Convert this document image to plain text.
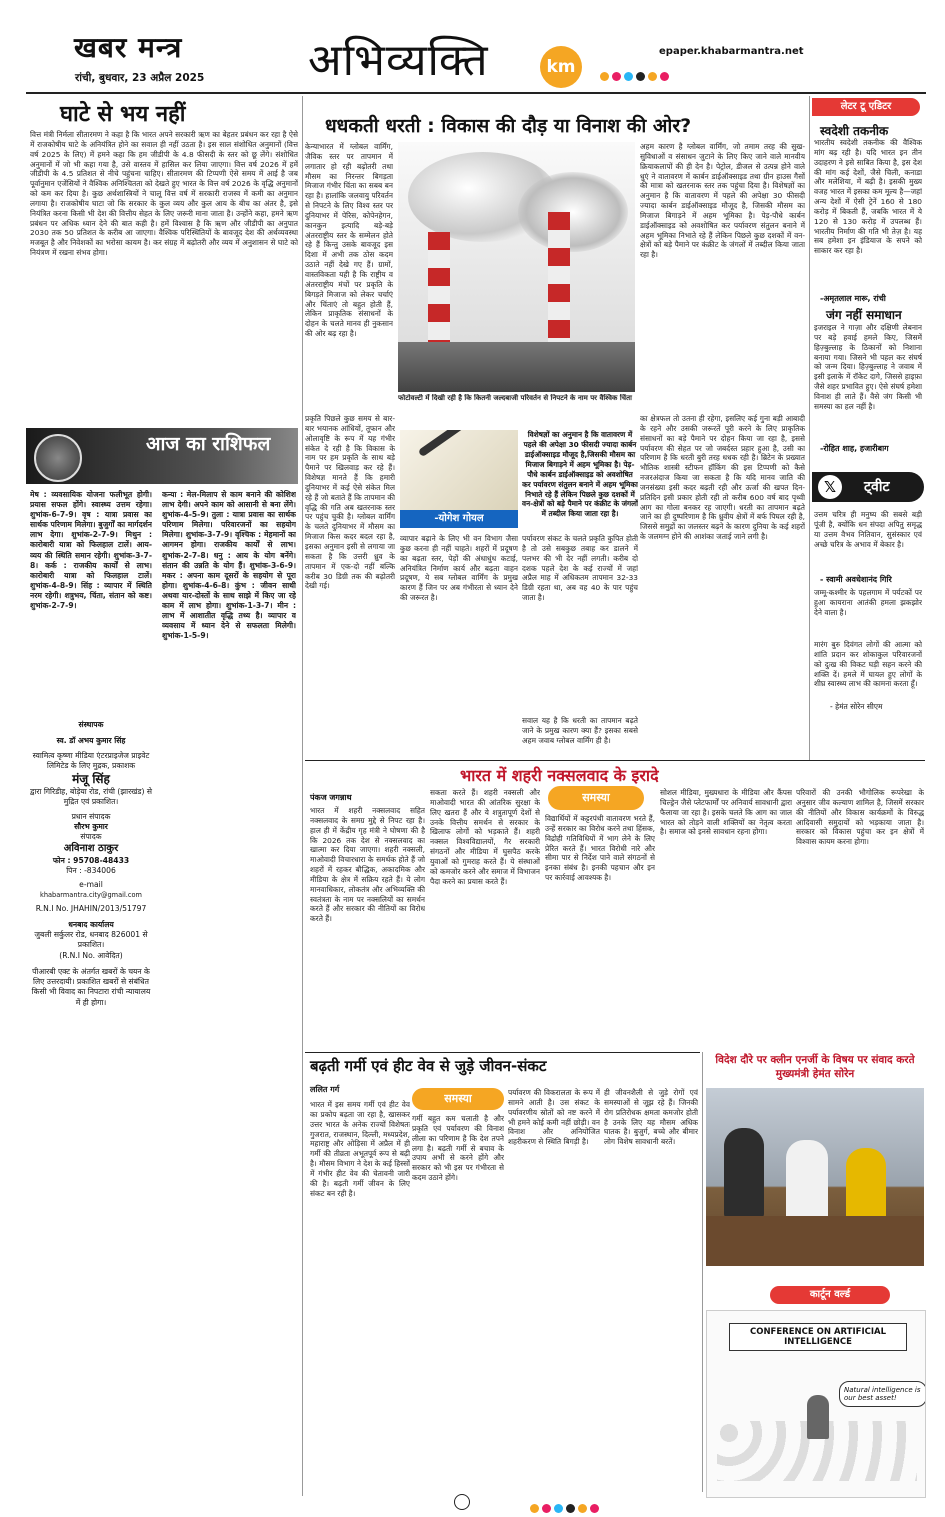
खबर मन्त्र
रांची, बुधवार, 23 अप्रैल 2025 अभिव्यक्ति	km
epaper.khabarmantra.net
घाटे से भय नहीं
वित्त मंत्री निर्मला सीतारमण ने कहा है कि भारत अपने सरकारी ऋण का बेहतर प्रबंधन कर रहा है ऐसे में राजकोषीय घाटे के अनियंत्रित होने का सवाल ही नहीं उठता है। इस साल संशोधित अनुमानों (वित्त वर्ष 2025 के लिए) में हमने कहा कि हम जीडीपी के 4.8 फीसदी के स्तर को छू लेंगे। संशोधित अनुमानों में जो भी कहा गया है, उसे वास्तव में हासिल कर लिया जाएगा। वित्त वर्ष 2026 में हमें जीडीपी के 4.5 प्रतिशत से नीचे पहुंचना चाहिए। सीतारमण की टिप्पणी ऐसे समय में आई है जब पूर्वानुमान एजेंसियों ने वैश्विक अनिश्चितता को देखते हुए भारत के वित्त वर्ष 2026 के वृद्धि अनुमानों को कम कर दिया है। कुछ अर्थशास्त्रियों ने चालू वित्त वर्ष में सरकारी राजस्व में कमी का अनुमान लगाया है। राजकोषीय घाटा जो कि सरकार के कुल व्यय और कुल आय के बीच का अंतर है, इसे नियंत्रित करना किसी भी देश की वित्तीय सेहत के लिए जरूरी माना जाता है। उन्होंने कहा, हमने ऋण प्रबंधन पर अधिक ध्यान देने की बात कही है। हमें विश्वास है कि ऋण और जीडीपी का अनुपात 2030 तक 50 प्रतिशत के करीब आ जाएगा। वैश्विक परिस्थितियों के बावजूद देश की अर्थव्यवस्था मजबूत है और निवेशकों का भरोसा कायम है। कर संग्रह में बढ़ोतरी और व्यय में अनुशासन से घाटे को नियंत्रण में रखना संभव होगा।
आज का राशिफल
मेष : व्यवसायिक योजना फलीभूत होगी। प्रयास सफल होंगे। स्वास्थ्य उत्तम रहेगा। शुभांक-6-7-9। वृष : यात्रा प्रवास का सार्थक परिणाम मिलेगा। बुजुर्गों का मार्गदर्शन लाभ देगा। शुभांक-2-7-9। मिथुन : कारोबारी यात्रा को फिलहाल टालें। आय-व्यय की स्थिति समान रहेगी। शुभांक-3-7-8। कर्क : राजकीय कार्यों से लाभ। कारोबारी यात्रा को फिलहाल टालें। शुभांक-4-8-9। सिंह : व्यापार में स्थिति नरम रहेगी। शत्रुभय, चिंता, संतान को कष्ट। शुभांक-2-7-9।
कन्या : मेल-मिलाप से काम बनाने की कोशिश लाभ देगी। अपने काम को आसानी से बना लेंगे। शुभांक-4-5-9। तुला : यात्रा प्रवास का सार्थक परिणाम मिलेगा। परिवारजनों का सहयोग मिलेगा। शुभांक-3-7-9। वृश्चिक : मेहमानों का आगमन होगा। राजकीय कार्यों से लाभ। शुभांक-2-7-8। धनु : आय के योग बनेंगे। संतान की उन्नति के योग हैं। शुभांक-3-6-9। मकर : अपना काम दूसरों के सहयोग से पूरा होगा। शुभांक-4-6-8। कुंभ : जीवन साथी अथवा यार-दोस्तों के साथ साझे में किए जा रहे काम में लाभ होगा। शुभांक-1-3-7। मीन : लाभ में आशातीत वृद्धि तथ्य है। व्यापार व व्यवसाय में ध्यान देने से सफलता मिलेगी। शुभांक-1-5-9।
संस्थापक
स्व. डॉ अभय कुमार सिंह
स्वामित्व कृष्णा मीडिया एंटरप्राइजेज प्राइवेट लिमिटेड के लिए मुद्रक, प्रकाशक
मंजू सिंह
द्वारा गिरिडीह, बोड़ेया रोड, रांची (झारखंड) से मुद्रित एवं प्रकाशित।
प्रधान संपादक
सौरभ कुमार
संपादक
अविनाश ठाकुर
फोन : 95708-48433
पिन : -834006
e-mail
khabarmantra.city@gmail.com
R.N.I No. JHAHIN/2013/51797
धनबाद कार्यालय
जुबली सर्कुलर रोड, धनबाद 826001 से प्रकाशित।
(R.N.I No. आवेदित)
पीआरबी एक्ट के अंतर्गत खबरों के चयन के लिए उत्तरदायी। प्रकाशित खबरों से संबंधित किसी भी विवाद का निपटारा रांची न्यायालय में ही होगा।
धधकती धरती : विकास की दौड़ या विनाश की ओर?
केन्याभारत में ग्लोबल वार्मिंग, जैविक स्तर पर तापमान में लगातार हो रही बढ़ोतरी तथा मौसम का निरन्तर बिगड़ता मिजाज गंभीर चिंता का सबब बन रहा है। हालांकि जलवायु परिवर्तन से निपटने के लिए विश्व स्तर पर दुनियाभर में पेरिस, कोपेनहेगन, कानकुन इत्यादि बड़े-बड़े अंतरराष्ट्रीय स्तर के सम्मेलन होते रहे हैं किन्तु उसके बावजूद इस दिशा में अभी तक ठोस कदम उठाते नहीं देखे गए हैं। ग्रामों, वास्तविकता यही है कि राष्ट्रीय व अंतरराष्ट्रीय मंचों पर प्रकृति के बिगड़ते मिजाज को लेकर चर्चाएं और चिंताएं तो बहुत होती हैं, लेकिन प्राकृतिक संसाधनों के दोहन के चलते मानव ही नुकसान की ओर बढ़ रहा है।
फोटोवल्टी में दिखी रही है कि कितनी जल्दबाजी परिवर्तन से निपटने के नाम पर वैश्विक चिंता
अहम कारण है ग्लोबल वार्मिंग, जो तमाम तरह की सुख-सुविधाओं व संसाधन जुटाने के लिए किए जाने वाले मानवीय क्रियाकलापों की ही देन है। पेट्रोल, डीजल से उत्पन्न होने वाले धुएं ने वातावरण में कार्बन डाईऑक्साइड तथा ग्रीन हाउस गैसों की मात्रा को खतरनाक स्तर तक पहुंचा दिया है। विशेषज्ञों का अनुमान है कि वातावरण में पहले की अपेक्षा 30 फीसदी ज्यादा कार्बन डाईऑक्साइड मौजूद है, जिसकी मौसम का मिजाज बिगाड़ने में अहम भूमिका है। पेड़-पौधे कार्बन डाईऑक्साइड को अवशोषित कर पर्यावरण संतुलन बनाने में अहम भूमिका निभाते रहे हैं लेकिन पिछले कुछ दशकों में वन-क्षेत्रों को बड़े पैमाने पर कंक्रीट के जंगलों में तब्दील किया जाता रहा है।
-योगेश गोयल
विशेषज्ञों का अनुमान है कि वातावरण में पहले की अपेक्षा 30 फीसदी ज्यादा कार्बन डाईऑक्साइड मौजूद है,जिसकी मौसम का मिजाज बिगाड़ने में अहम भूमिका है। पेड़-पौधे कार्बन डाईऑक्साइड को अवशोषित कर पर्यावरण संतुलन बनाने में अहम भूमिका निभाते रहे हैं लेकिन पिछले कुछ दशकों में वन-क्षेत्रों को बड़े पैमाने पर कंक्रीट के जंगलों में तब्दील किया जाता रहा है।
का क्षेत्रफल तो उतना ही रहेगा, इसलिए कई गुना बड़ी आबादी के रहने और उसकी जरूरतें पूरी करने के लिए प्राकृतिक संसाधनों का बड़े पैमाने पर दोहन किया जा रहा है, इससे पर्यावरण की सेहत पर जो जबर्दस्त प्रहार हुआ है, उसी का परिणाम है कि धरती बुरी तरह धधक रही है। ब्रिटेन के प्रख्यात भौतिक शास्त्री स्टीफन हॉकिंग की इस टिप्पणी को कैसे नजरअंदाज किया जा सकता है कि यदि मानव जाति की जनसंख्या इसी कदर बढ़ती रही और ऊर्जा की खपत दिन-प्रतिदिन इसी प्रकार होती रही तो करीब 600 वर्ष बाद पृथ्वी आग का गोला बनकर रह जाएगी। धरती का तापमान बढ़ते जाने का ही दुष्परिणाम है कि ध्रुवीय क्षेत्रों में बर्फ पिघल रही है, जिससे समुद्रों का जलस्तर बढ़ने के कारण दुनिया के कई शहरों के जलमग्न होने की आशंका जताई जाने लगी है।
प्रकृति पिछले कुछ समय से बार-बार भयानक आंधियों, तूफान और ओलावृष्टि के रूप में यह गंभीर संकेत दे रही है कि विकास के नाम पर हम प्रकृति के साथ बड़े पैमाने पर खिलवाड़ कर रहे हैं। विशेषज्ञ मानते हैं कि हमारी दुनियाभर में कई ऐसे संकेत मिल रहे हैं जो बताते हैं कि तापमान की वृद्धि की गति अब खतरनाक स्तर पर पहुंच चुकी है। ग्लोबल वार्मिंग के चलते दुनियाभर में मौसम का मिजाज किस कदर बदल रहा है, इसका अनुमान इसी से लगाया जा सकता है कि उत्तरी ध्रुव के तापमान में एक-दो नहीं बल्कि करीब 30 डिग्री तक की बढ़ोतरी देखी गई।
व्यापार बढ़ाने के लिए भी वन विभाग जैसा कुछ करना ही नहीं चाहते। शहरों में प्रदूषण का बढ़ता स्तर, पेड़ों की अंधाधुंध कटाई, अनियंत्रित निर्माण कार्य और बढ़ता वाहन प्रदूषण, ये सब ग्लोबल वार्मिंग के प्रमुख कारण हैं जिन पर अब गंभीरता से ध्यान देने की जरूरत है।
पर्यावरण संकट के चलते प्रकृति कुपित होती है तो उसे सबकुछ तबाह कर डालने में पलभर की भी देर नहीं लगती। करीब दो दशक पहले देश के कई राज्यों में जहां अप्रैल माह में अधिकतम तापमान 32-33 डिग्री रहता था, अब वह 40 के पार पहुंच जाता है।
सवाल यह है कि धरती का तापमान बढ़ते जाने के प्रमुख कारण क्या हैं? इसका सबसे अहम जवाब ग्लोबल वार्मिंग ही है।
लेटर टू एडिटर
स्वदेशी तकनीक
भारतीय स्वदेशी तकनीक की वैश्विक मांग बढ़ रही है। यदि भारत इन तीन उदाहरण ने इसे साबित किया है, इस देश की मांग कई देशों, जैसे चिली, कनाडा और मलेशिया, में बढ़ी है। इसकी मुख्य वजह भारत में इसका कम मूल्य है—जहां अन्य देशों में ऐसी ट्रेनें 160 से 180 करोड़ में बिकती हैं, जबकि भारत में ये 120 से 130 करोड़ में उपलब्ध हैं। भारतीय निर्माण की गति भी तेज़ है। यह सब हमेशा इन इंडियाज के सपने को साकार कर रहा है।
-अमृतलाल मारू, रांची
जंग नहीं समाधान
इजराइल ने गाज़ा और दक्षिणी लेबनान पर बड़े हवाई हमले किए, जिसमें हिज़्बुल्लाह के ठिकानों को निशाना बनाया गया। जिसने भी पहल कर संघर्ष को जन्म दिया। हिज़्बुल्लाह ने जवाब में इसी इलाके में रॉकेट दागे, जिससे हाइफ़ा जैसे शहर प्रभावित हुए। ऐसे संघर्ष हमेशा विनाश ही लाते हैं। वैसे जंग किसी भी समस्या का हल नहीं है।
-रोहित शाह, हजारीबाग
𝕏	ट्वीट
उत्तम चरित्र ही मनुष्य की सबसे बड़ी पूंजी है, क्योंकि धन संपदा अपितु समृद्ध या उत्तम वैभव नितिवान, सुसंस्कार एवं अच्छे चरित्र के अभाव में बेकार है।
- स्वामी अवधेशानंद गिरि
जम्मू-कश्मीर के पहलगाम में पर्यटकों पर हुआ कायराना आतंकी हमला झकझोर देने वाला है।
मारंग बुरु दिवंगत लोगों की आत्मा को शांति प्रदान कर शोकाकुल परिवारजनों को दुःख की विकट घड़ी सहन करने की शक्ति दें। हमले में घायल हुए लोगों के शीघ्र स्वास्थ्य लाभ की कामना करता हूँ।
- हेमंत सोरेन सीएम
भारत में शहरी नक्सलवाद के इरादे
पंकज जगन्नाथ
भारत में शहरी नक्सलवाद सहित नक्सलवाद के समग्र मुद्दे से निपट रहा है। हाल ही में केंद्रीय गृह मंत्री ने घोषणा की है कि 2026 तक देश से नक्सलवाद का खात्मा कर दिया जाएगा। शहरी नक्सली, माओवादी विचारधारा के समर्थक होते हैं जो शहरों में रहकर बौद्धिक, अकादमिक और मीडिया के क्षेत्र में सक्रिय रहते हैं। ये लोग मानवाधिकार, लोकतंत्र और अभिव्यक्ति की स्वतंत्रता के नाम पर नक्सलियों का समर्थन करते हैं और सरकार की नीतियों का विरोध करते हैं।
सकता करते हैं। शहरी नक्सली और माओवादी भारत की आंतरिक सुरक्षा के लिए खतरा हैं और ये शत्रुतापूर्ण देशों से उनके वित्तीय समर्थन से सरकार के खिलाफ लोगों को भड़काते हैं। शहरी नक्सल विश्वविद्यालयों, गैर सरकारी संगठनों और मीडिया में घुसपैठ करके युवाओं को गुमराह करते हैं। ये संस्थाओं को कमजोर करने और समाज में विभाजन पैदा करने का प्रयास करते हैं।
समस्या
विद्यार्थियों में कट्टरपंथी वातावरण भरते हैं, उन्हें सरकार का विरोध करने तथा हिंसक, विद्रोही गतिविधियों में भाग लेने के लिए प्रेरित करते हैं। भारत विरोधी नारे और सीमा पार से निर्देश पाने वाले संगठनों से इनका संबंध है। इनकी पहचान और इन पर कार्रवाई आवश्यक है।
सोशल मीडिया, मुख्यधारा के मीडिया और कैंपस चिल्ड्रेन जैसे प्लेटफार्मों पर अनिवार्य सावधानी द्वारा फैलाया जा रहा है। इसके चलते कि आग का जाल भारत को तोड़ने वाली शक्तियों का नेतृत्व करता है। समाज को इनसे सावधान रहना होगा।
परिवारों की उनकी भौगोलिक रूपरेखा के अनुसार जीव कल्याण शामिल है, जिसमें सरकार की नीतियों और विकास कार्यक्रमों के विरुद्ध आदिवासी समुदायों को भड़काया जाता है। सरकार को विकास पहुंचा कर इन क्षेत्रों में विश्वास कायम करना होगा।
बढ़ती गर्मी एवं हीट वेव से जुड़े जीवन-संकट
ललित गर्ग
भारत में इस समय गर्मी एवं हीट वेव का प्रकोप बढ़ता जा रहा है, खासकर उत्तर भारत के अनेक राज्यों विशेषतः गुजरात, राजस्थान, दिल्ली, मध्यप्रदेश, महाराष्ट्र और ओड़िसा में अप्रैल में ही गर्मी की तीव्रता अभूतपूर्व रूप से बढ़ी है। मौसम विभाग ने देश के कई हिस्सों में गंभीर हीट वेव की चेतावनी जारी की है। बढ़ती गर्मी जीवन के लिए संकट बन रही है।
समस्या
गर्मी बहुत कम चलाती है और प्रकृति एवं पर्यावरण की विनाश लीला का परिणाम है कि देश तपने लगा है। बढ़ती गर्मी से बचाव के उपाय अभी से करने होंगे और सरकार को भी इस पर गंभीरता से कदम उठाने होंगे।
पर्यावरण की विकरालता के रूप में सामने आती है। उस संकट के पर्यावरणीय स्रोतों को नष्ट करने में भी हमने कोई कमी नहीं छोड़ी। वन विनाश और अनियोजित शहरीकरण से स्थिति बिगड़ी है।
ही जीवनशैली से जुड़े रोगों एवं समस्याओं से जूझ रहे हैं। जिनकी रोग प्रतिरोधक क्षमता कमजोर होती है उनके लिए यह मौसम अधिक घातक है। बुजुर्ग, बच्चे और बीमार लोग विशेष सावधानी बरतें।
विदेश दौरे पर क्लीन एनर्जी के विषय पर संवाद करते मुख्यमंत्री हेमंत सोरेन
कार्टून वर्ल्ड
CONFERENCE ON ARTIFICIAL INTELLIGENCE
Natural intelligence is our best asset!
